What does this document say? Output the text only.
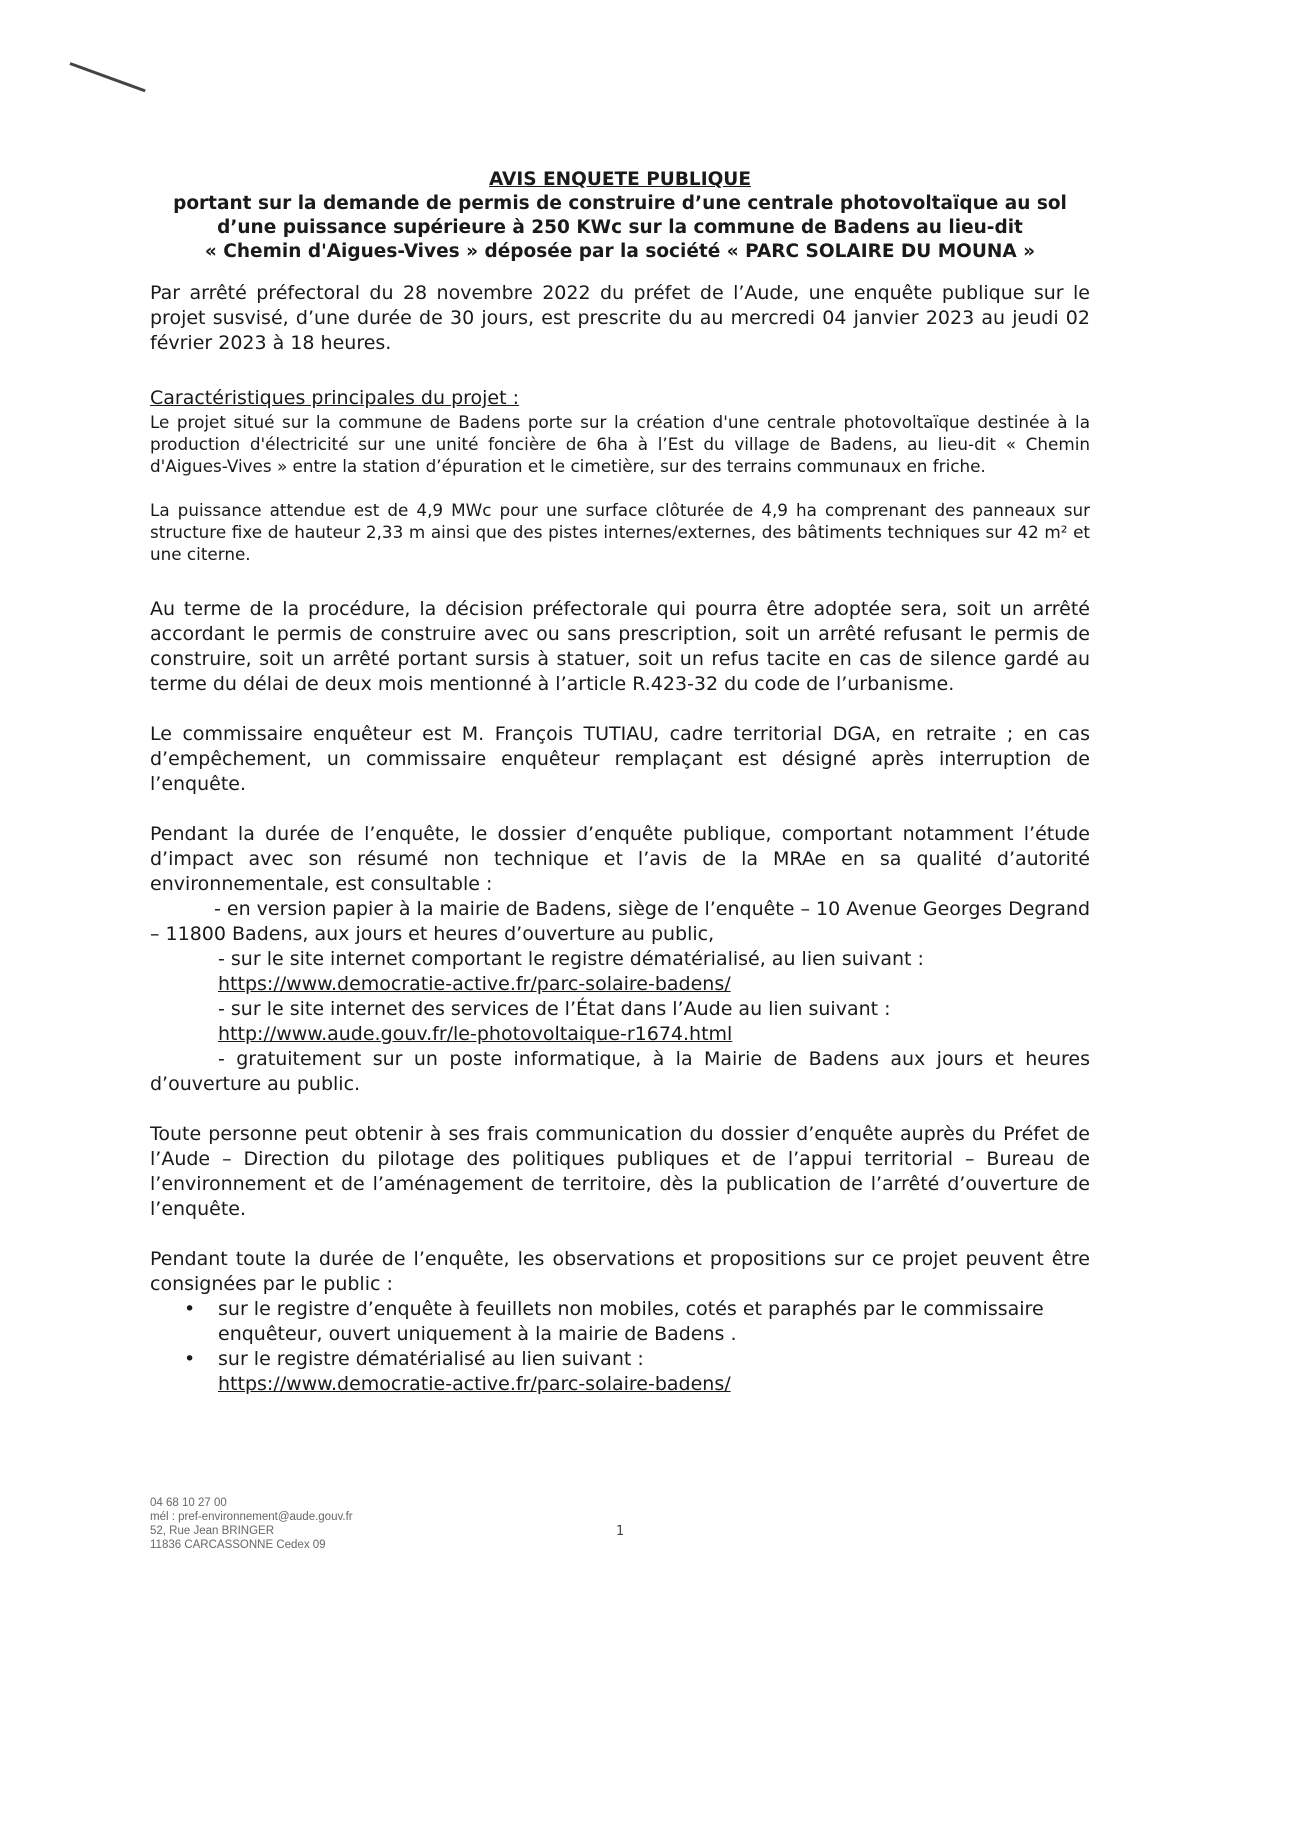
AVIS ENQUETE PUBLIQUE
portant sur la demande de permis de construire d’une centrale photovoltaïque au sol
d’une puissance supérieure à 250 KWc sur la commune de Badens au lieu-dit
« Chemin d'Aigues-Vives » déposée par la société « PARC SOLAIRE DU MOUNA »

Par arrêté préfectoral du 28 novembre 2022 du préfet de l’Aude, une enquête publique sur le projet susvisé, d’une durée de 30 jours, est prescrite du au mercredi 04 janvier 2023 au jeudi 02 février 2023 à 18 heures.

Caractéristiques principales du projet :

Le projet situé sur la commune de Badens porte sur la création d'une centrale photovoltaïque destinée à la production d'électricité sur une unité foncière de 6ha à l’Est du village de Badens, au lieu-dit « Chemin d'Aigues-Vives » entre la station d’épuration et le cimetière, sur des terrains communaux en friche.

La puissance attendue est de 4,9 MWc pour une surface clôturée de 4,9 ha comprenant des panneaux sur structure fixe de hauteur 2,33 m ainsi que des pistes internes/externes, des bâtiments techniques sur 42 m² et une citerne.

Au terme de la procédure, la décision préfectorale qui pourra être adoptée sera, soit un arrêté accordant le permis de construire avec ou sans prescription, soit un arrêté refusant le permis de construire, soit un arrêté portant sursis à statuer, soit un refus tacite en cas de silence gardé au terme du délai de deux mois mentionné à l’article R.423-32 du code de l’urbanisme.

Le commissaire enquêteur est M. François TUTIAU, cadre territorial DGA, en retraite ; en cas d’empêchement, un commissaire enquêteur remplaçant est désigné après interruption de l’enquête.

Pendant la durée de l’enquête, le dossier d’enquête publique, comportant notamment l’étude d’impact avec son résumé non technique et l’avis de la MRAe en sa qualité d’autorité environnementale, est consultable :

- en version papier à la mairie de Badens, siège de l’enquête – 10 Avenue Georges Degrand – 11800 Badens, aux jours et heures d’ouverture au public,

- sur le site internet comportant le registre dématérialisé, au lien suivant :

https://www.democratie-active.fr/parc-solaire-badens/

- sur le site internet des services de l’État dans l’Aude au lien suivant :

http://www.aude.gouv.fr/le-photovoltaique-r1674.html

- gratuitement sur un poste informatique, à la Mairie de Badens aux jours et heures d’ouverture au public.

Toute personne peut obtenir à ses frais communication du dossier d’enquête auprès du Préfet de l’Aude – Direction du pilotage des politiques publiques et de l’appui territorial – Bureau de l’environnement et de l’aménagement de territoire, dès la publication de l’arrêté d’ouverture de l’enquête.

Pendant toute la durée de l’enquête, les observations et propositions sur ce projet peuvent être consignées par le public :

• sur le registre d’enquête à feuillets non mobiles, cotés et paraphés par le commissaire enquêteur, ouvert uniquement à la mairie de Badens .
• sur le registre dématérialisé au lien suivant :
https://www.democratie-active.fr/parc-solaire-badens/
04 68 10 27 00
mél : pref-environnement@aude.gouv.fr
52, Rue Jean BRINGER
11836 CARCASSONNE Cedex 09
1
